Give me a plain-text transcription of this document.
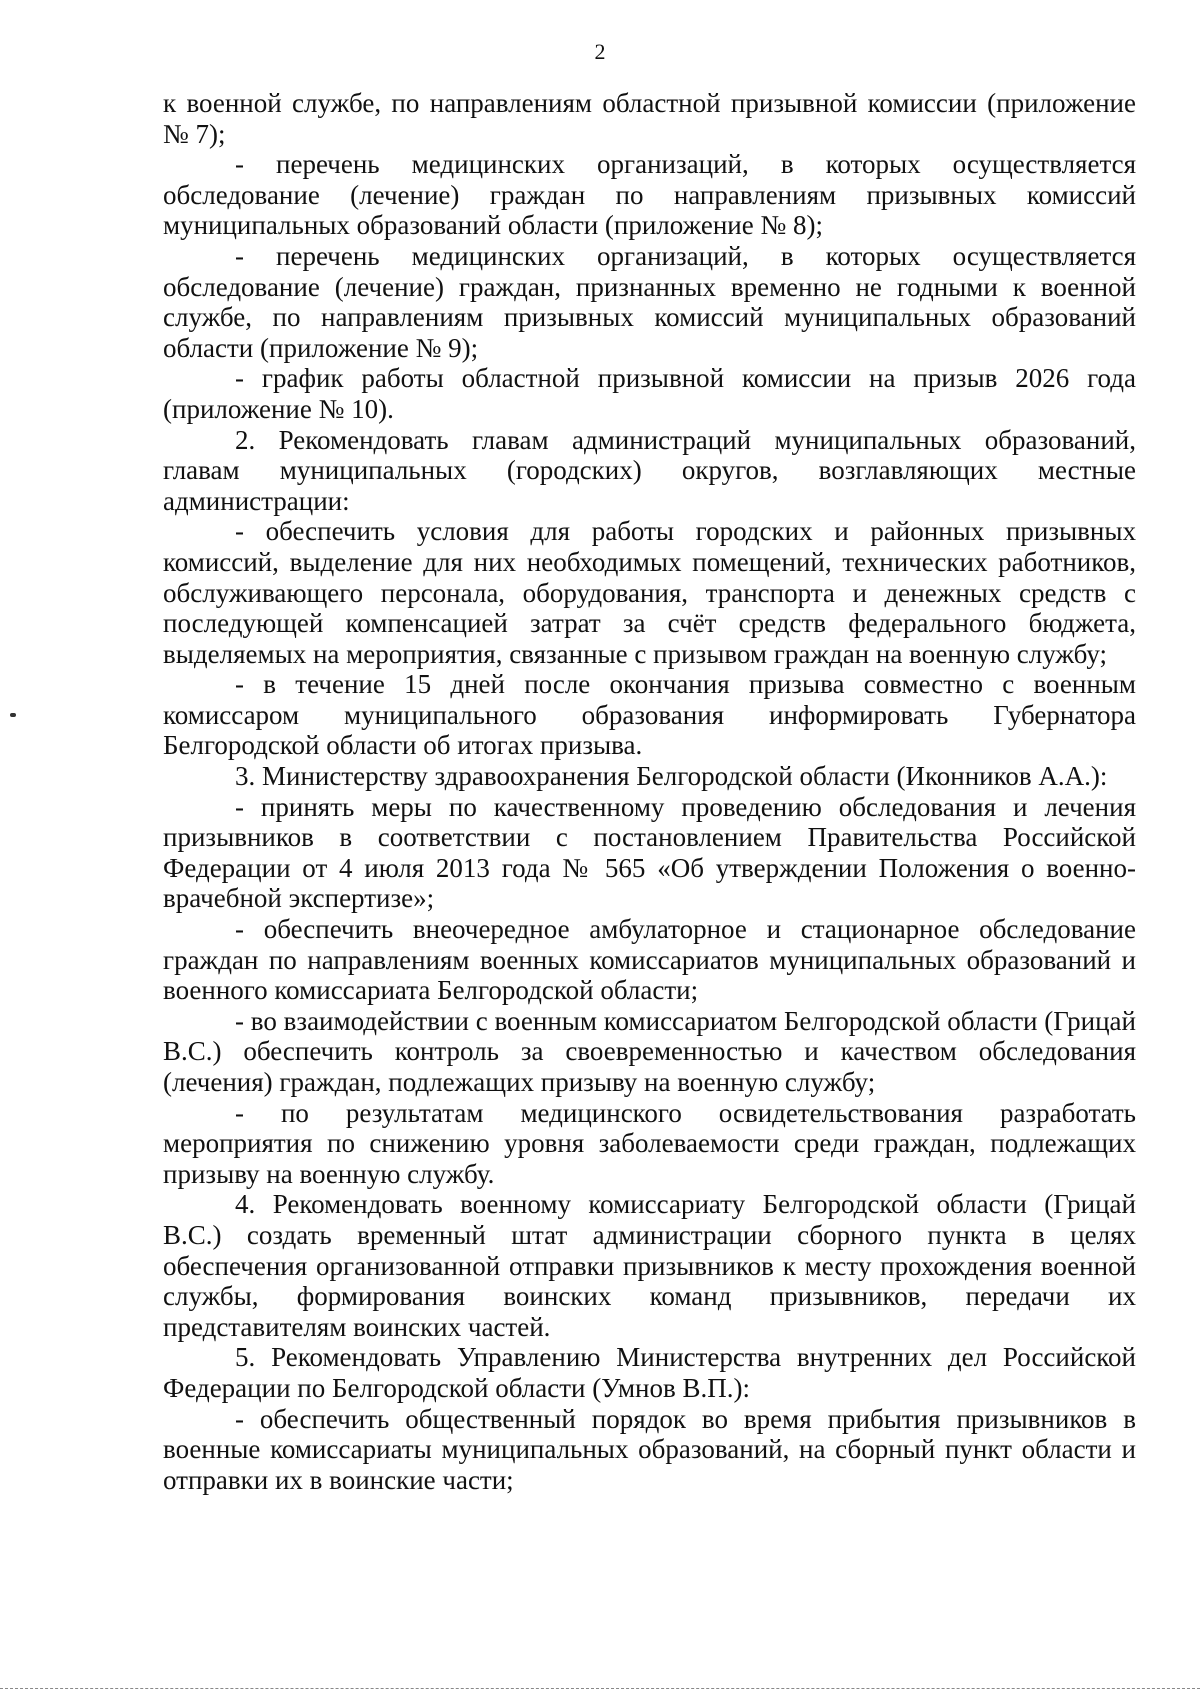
2

к военной службе, по направлениям областной призывной комиссии (приложение № 7);

- перечень медицинских организаций, в которых осуществляется обследование (лечение) граждан по направлениям призывных комиссий муниципальных образований области (приложение № 8);

- перечень медицинских организаций, в которых осуществляется обследование (лечение) граждан, признанных временно не годными к военной службе, по направлениям призывных комиссий муниципальных образований области (приложение № 9);

- график работы областной призывной комиссии на призыв 2026 года (приложение № 10).

2. Рекомендовать главам администраций муниципальных образований, главам муниципальных (городских) округов, возглавляющих местные администрации:

- обеспечить условия для работы городских и районных призывных комиссий, выделение для них необходимых помещений, технических работников, обслуживающего персонала, оборудования, транспорта и денежных средств с последующей компенсацией затрат за счёт средств федерального бюджета, выделяемых на мероприятия, связанные с призывом граждан на военную службу;

- в течение 15 дней после окончания призыва совместно с военным комиссаром муниципального образования информировать Губернатора Белгородской области об итогах призыва.

3. Министерству здравоохранения Белгородской области (Иконников А.А.):

- принять меры по качественному проведению обследования и лечения призывников в соответствии с постановлением Правительства Российской Федерации от 4 июля 2013 года № 565 «Об утверждении Положения о военно-врачебной экспертизе»;

- обеспечить внеочередное амбулаторное и стационарное обследование граждан по направлениям военных комиссариатов муниципальных образований и военного комиссариата Белгородской области;

- во взаимодействии с военным комиссариатом Белгородской области (Грицай В.С.) обеспечить контроль за своевременностью и качеством обследования (лечения) граждан, подлежащих призыву на военную службу;

- по результатам медицинского освидетельствования разработать мероприятия по снижению уровня заболеваемости среди граждан, подлежащих призыву на военную службу.

4. Рекомендовать военному комиссариату Белгородской области (Грицай В.С.) создать временный штат администрации сборного пункта в целях обеспечения организованной отправки призывников к месту прохождения военной службы, формирования воинских команд призывников, передачи их представителям воинских частей.

5. Рекомендовать Управлению Министерства внутренних дел Российской Федерации по Белгородской области (Умнов В.П.):

- обеспечить общественный порядок во время прибытия призывников в военные комиссариаты муниципальных образований, на сборный пункт области и отправки их в воинские части;
